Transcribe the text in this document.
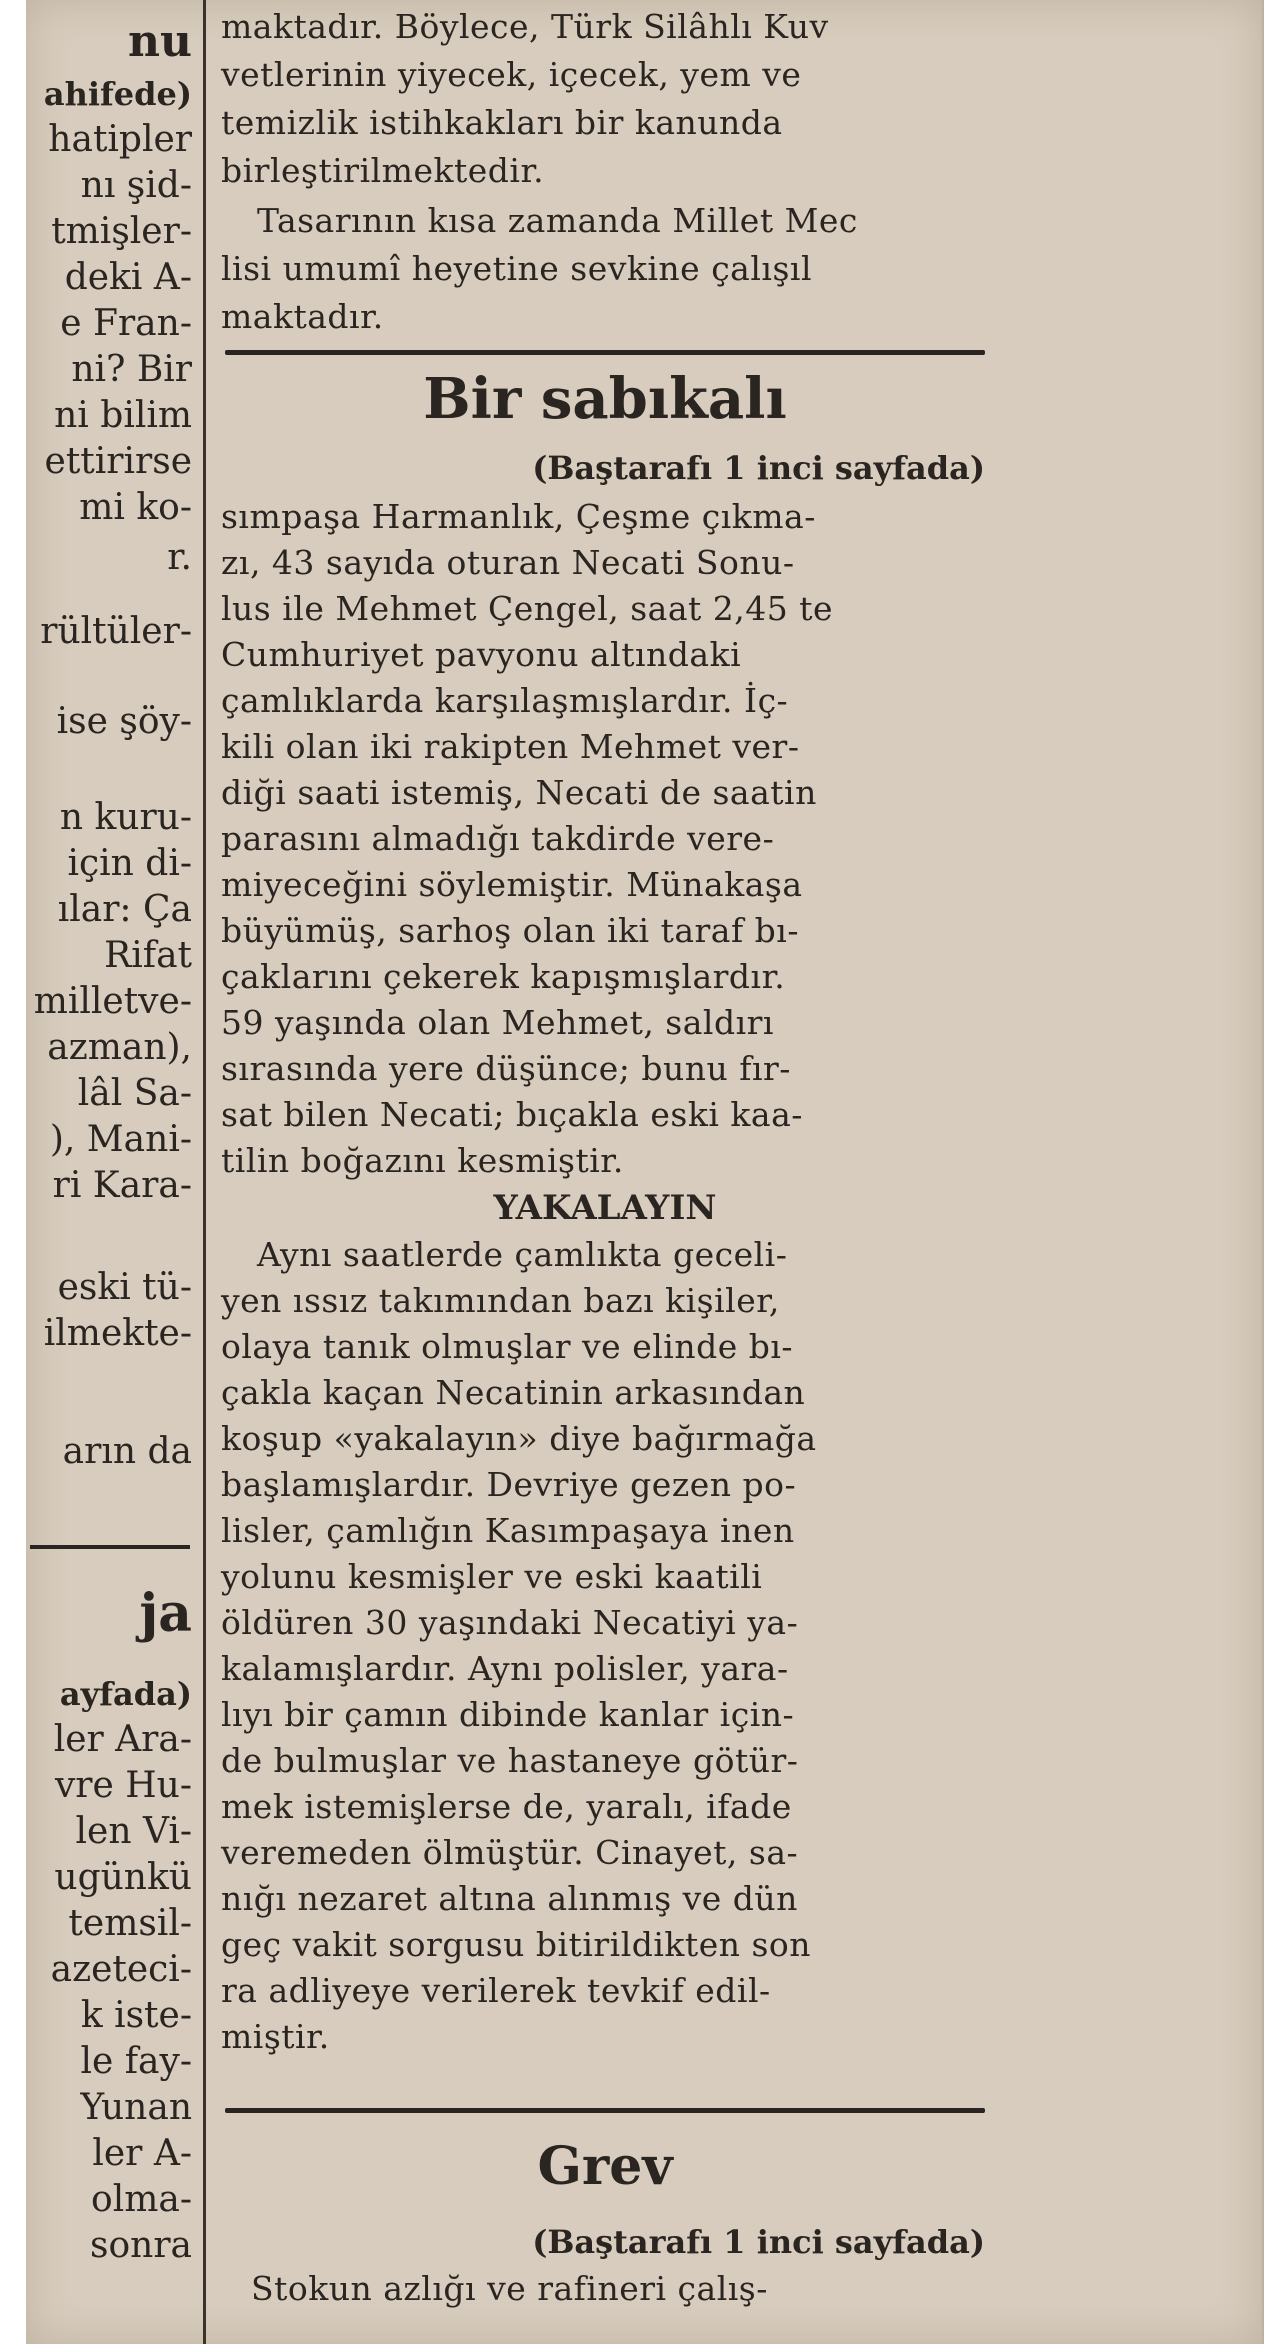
nu
ahifede)
hatipler
nı şid-
tmişler-
deki A-
e Fran-
ni? Bir
ni bilim
ettirirse
mi ko-
r.
rültüler-
ise şöy-
n kuru-
için di-
ılar: Ça
Rifat
milletve-
azman),
lâl Sa-
), Mani-
ri Kara-
eski tü-
ilmekte-
arın da
ja
ayfada)
ler Ara-
vre Hu-
len Vi-
ugünkü
temsil-
azeteci-
k iste-
le fay-
Yunan
ler A-
olma-
sonra
maktadır. Böylece, Türk Silâhlı Kuv
vetlerinin yiyecek, içecek, yem ve
temizlik istihkakları bir kanunda
birleştirilmektedir.
Tasarının kısa zamanda Millet Mec
lisi umumî heyetine sevkine çalışıl
maktadır.
Bir sabıkalı
(Baştarafı 1 inci sayfada)
sımpaşa Harmanlık, Çeşme çıkma-
zı, 43 sayıda oturan Necati Sonu-
lus ile Mehmet Çengel, saat 2,45 te
Cumhuriyet pavyonu altındaki
çamlıklarda karşılaşmışlardır. İç-
kili olan iki rakipten Mehmet ver-
diği saati istemiş, Necati de saatin
parasını almadığı takdirde vere-
miyeceğini söylemiştir. Münakaşa
büyümüş, sarhoş olan iki taraf bı-
çaklarını çekerek kapışmışlardır.
59 yaşında olan Mehmet, saldırı
sırasında yere düşünce; bunu fır-
sat bilen Necati; bıçakla eski kaa-
tilin boğazını kesmiştir.
YAKALAYIN
Aynı saatlerde çamlıkta geceli-
yen ıssız takımından bazı kişiler,
olaya tanık olmuşlar ve elinde bı-
çakla kaçan Necatinin arkasından
koşup «yakalayın» diye bağırmağa
başlamışlardır. Devriye gezen po-
lisler, çamlığın Kasımpaşaya inen
yolunu kesmişler ve eski kaatili
öldüren 30 yaşındaki Necatiyi ya-
kalamışlardır. Aynı polisler, yara-
lıyı bir çamın dibinde kanlar için-
de bulmuşlar ve hastaneye götür-
mek istemişlerse de, yaralı, ifade
veremeden ölmüştür. Cinayet, sa-
nığı nezaret altına alınmış ve dün
geç vakit sorgusu bitirildikten son
ra adliyeye verilerek tevkif edil-
miştir.
Grev
(Baştarafı 1 inci sayfada)
Stokun azlığı ve rafineri çalış-
